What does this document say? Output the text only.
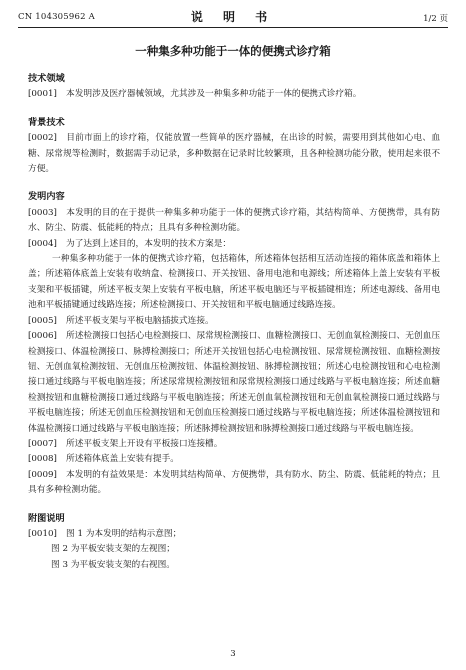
CN 104305962 A	说 明 书	1/2 页
一种集多种功能于一体的便携式诊疗箱
技术领域
[0001] 本发明涉及医疗器械领域，尤其涉及一种集多种功能于一体的便携式诊疗箱。
背景技术
[0002] 目前市面上的诊疗箱，仅能放置一些简单的医疗器械，在出诊的时候，需要用到其他如心电、血糖、尿常规等检测时，数据需手动记录，多种数据在记录时比较繁琐，且各种检测功能分散，使用起来很不方便。
发明内容
[0003] 本发明的目的在于提供一种集多种功能于一体的便携式诊疗箱，其结构简单、方便携带，具有防水、防尘、防震、低能耗的特点；且具有多种检测功能。
[0004] 为了达到上述目的，本发明的技术方案是：
一种集多种功能于一体的便携式诊疗箱，包括箱体，所述箱体包括相互活动连接的箱体底盖和箱体上盖；所述箱体底盖上安装有收纳盒、检测接口、开关按钮、备用电池和电源线；所述箱体上盖上安装有平板支架和平板插键，所述平板支架上安装有平板电脑，所述平板电脑还与平板插键相连；所述电源线、备用电池和平板插键通过线路连接；所述检测接口、开关按钮和平板电脑通过线路连接。
[0005] 所述平板支架与平板电脑插拔式连接。
[0006] 所述检测接口包括心电检测接口、尿常规检测接口、血糖检测接口、无创血氧检测接口、无创血压检测接口、体温检测接口、脉搏检测接口；所述开关按钮包括心电检测按钮、尿常规检测按钮、血糖检测按钮、无创血氧检测按钮、无创血压检测按钮、体温检测按钮、脉搏检测按钮；所述心电检测按钮和心电检测接口通过线路与平板电脑连接；所述尿常规检测按钮和尿常规检测接口通过线路与平板电脑连接；所述血糖检测按钮和血糖检测接口通过线路与平板电脑连接；所述无创血氧检测按钮和无创血氧检测接口通过线路与平板电脑连接；所述无创血压检测按钮和无创血压检测接口通过线路与平板电脑连接；所述体温检测按钮和体温检测接口通过线路与平板电脑连接；所述脉搏检测按钮和脉搏检测接口通过线路与平板电脑连接。
[0007] 所述平板支架上开设有平板接口连接槽。
[0008] 所述箱体底盖上安装有提手。
[0009] 本发明的有益效果是：本发明其结构简单、方便携带，具有防水、防尘、防震、低能耗的特点；且具有多种检测功能。
附图说明
[0010] 图 1 为本发明的结构示意图；
图 2 为平板安装支架的左视图；
图 3 为平板安装支架的右视图。
3
